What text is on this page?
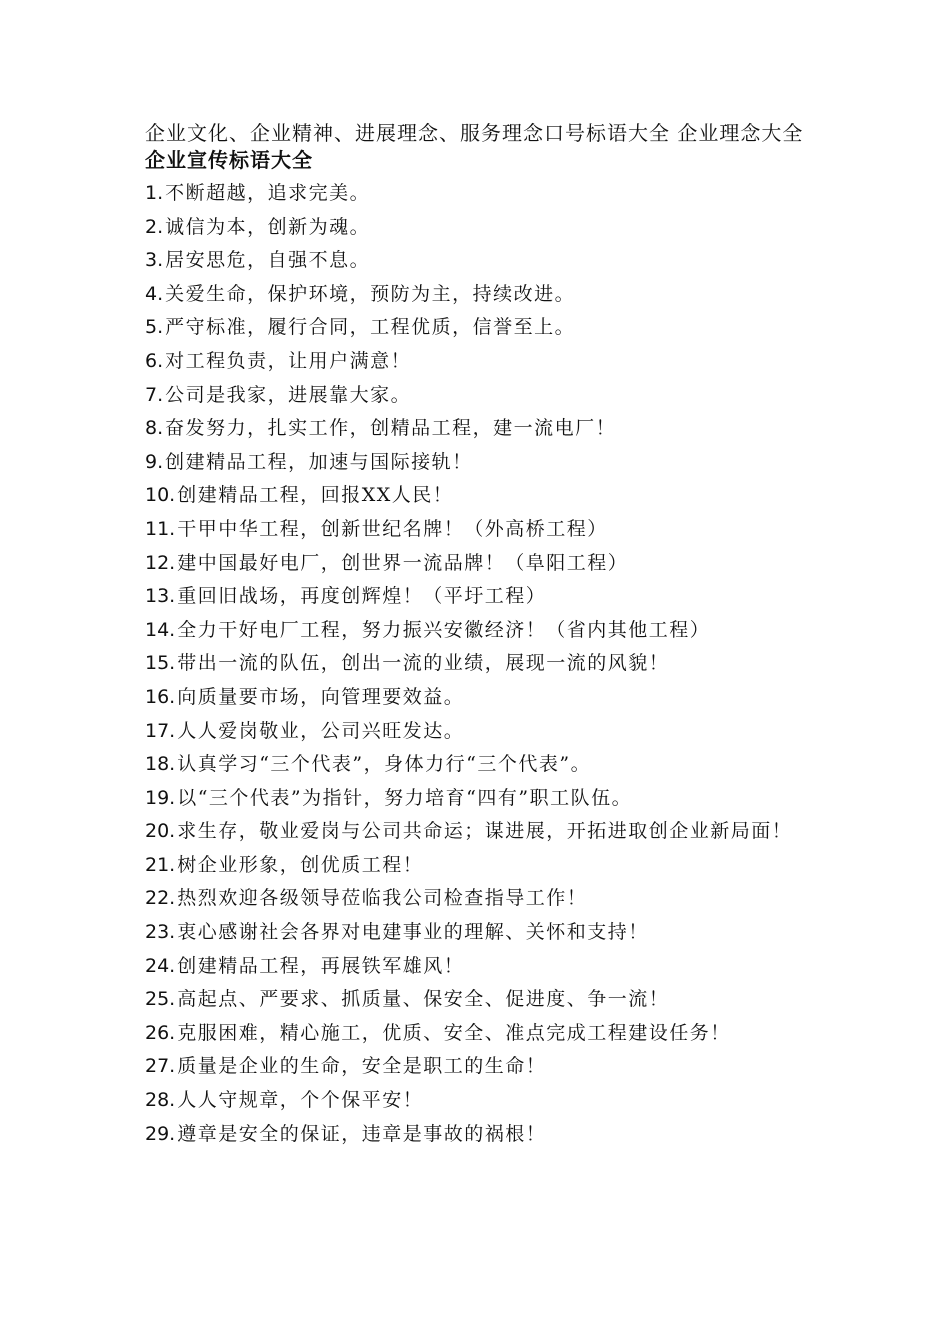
企业文化、企业精神、进展理念、服务理念口号标语大全 企业理念大全

企业宣传标语大全
1. 不断超越，追求完美。
2. 诚信为本，创新为魂。
3. 居安思危，自强不息。
4. 关爱生命，保护环境，预防为主，持续改进。
5. 严守标准，履行合同，工程优质，信誉至上。
6. 对工程负责，让用户满意！
7. 公司是我家，进展靠大家。
8. 奋发努力，扎实工作，创精品工程，建一流电厂！
9. 创建精品工程，加速与国际接轨！
10. 创建精品工程，回报XX人民！
11. 干甲中华工程，创新世纪名牌！（外高桥工程）
12. 建中国最好电厂，创世界一流品牌！（阜阳工程）
13. 重回旧战场，再度创辉煌！（平圩工程）
14. 全力干好电厂工程，努力振兴安徽经济！（省内其他工程）
15. 带出一流的队伍，创出一流的业绩，展现一流的风貌！
16. 向质量要市场，向管理要效益。
17. 人人爱岗敬业，公司兴旺发达。
18. 认真学习“三个代表”，身体力行“三个代表”。
19. 以“三个代表”为指针，努力培育“四有”职工队伍。
20. 求生存，敬业爱岗与公司共命运；谋进展，开拓进取创企业新局面！
21. 树企业形象，创优质工程！
22. 热烈欢迎各级领导莅临我公司检查指导工作！
23. 衷心感谢社会各界对电建事业的理解、关怀和支持！
24. 创建精品工程，再展铁军雄风！
25. 高起点、严要求、抓质量、保安全、促进度、争一流！
26. 克服困难，精心施工，优质、安全、准点完成工程建设任务！
27. 质量是企业的生命，安全是职工的生命！
28. 人人守规章，个个保平安！
29. 遵章是安全的保证，违章是事故的祸根！
